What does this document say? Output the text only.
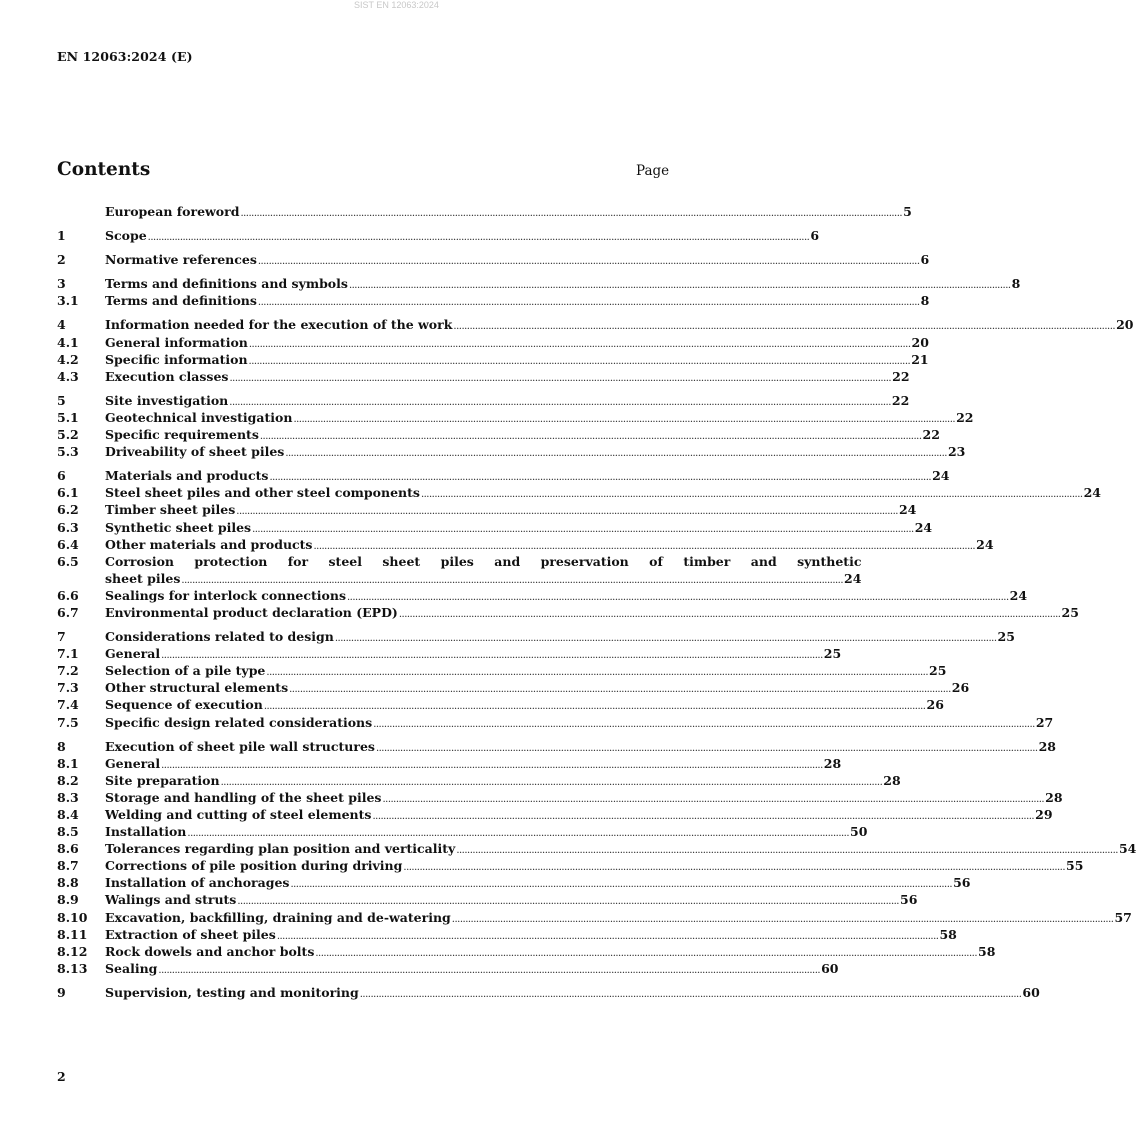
SIST EN 12063:2024
EN 12063:2024 (E)
Contents	Page
European foreword .....	5
1	Scope .....	6
2	Normative references .....	6
3	Terms and definitions and symbols .....	8
3.1	Terms and definitions .....	8
4	Information needed for the execution of the work .....	20
4.1	General information .....	20
4.2	Specific information .....	21
4.3	Execution classes .....	22
5	Site investigation .....	22
5.1	Geotechnical investigation .....	22
5.2	Specific requirements .....	22
5.3	Driveability of sheet piles .....	23
6	Materials and products .....	24
6.1	Steel sheet piles and other steel components .....	24
6.2	Timber sheet piles .....	24
6.3	Synthetic sheet piles .....	24
6.4	Other materials and products .....	24
6.5	Corrosion protection for steel sheet piles and preservation of timber and synthetic
sheet piles .....	24
6.6	Sealings for interlock connections .....	24
6.7	Environmental product declaration (EPD) .....	25
7	Considerations related to design .....	25
7.1	General .....	25
7.2	Selection of a pile type .....	25
7.3	Other structural elements .....	26
7.4	Sequence of execution .....	26
7.5	Specific design related considerations .....	27
8	Execution of sheet pile wall structures .....	28
8.1	General .....	28
8.2	Site preparation .....	28
8.3	Storage and handling of the sheet piles .....	28
8.4	Welding and cutting of steel elements .....	29
8.5	Installation .....	50
8.6	Tolerances regarding plan position and verticality .....	54
8.7	Corrections of pile position during driving .....	55
8.8	Installation of anchorages .....	56
8.9	Walings and struts .....	56
8.10	Excavation, backfilling, draining and de-watering .....	57
8.11	Extraction of sheet piles .....	58
8.12	Rock dowels and anchor bolts .....	58
8.13	Sealing .....	60
9	Supervision, testing and monitoring .....	60
2
